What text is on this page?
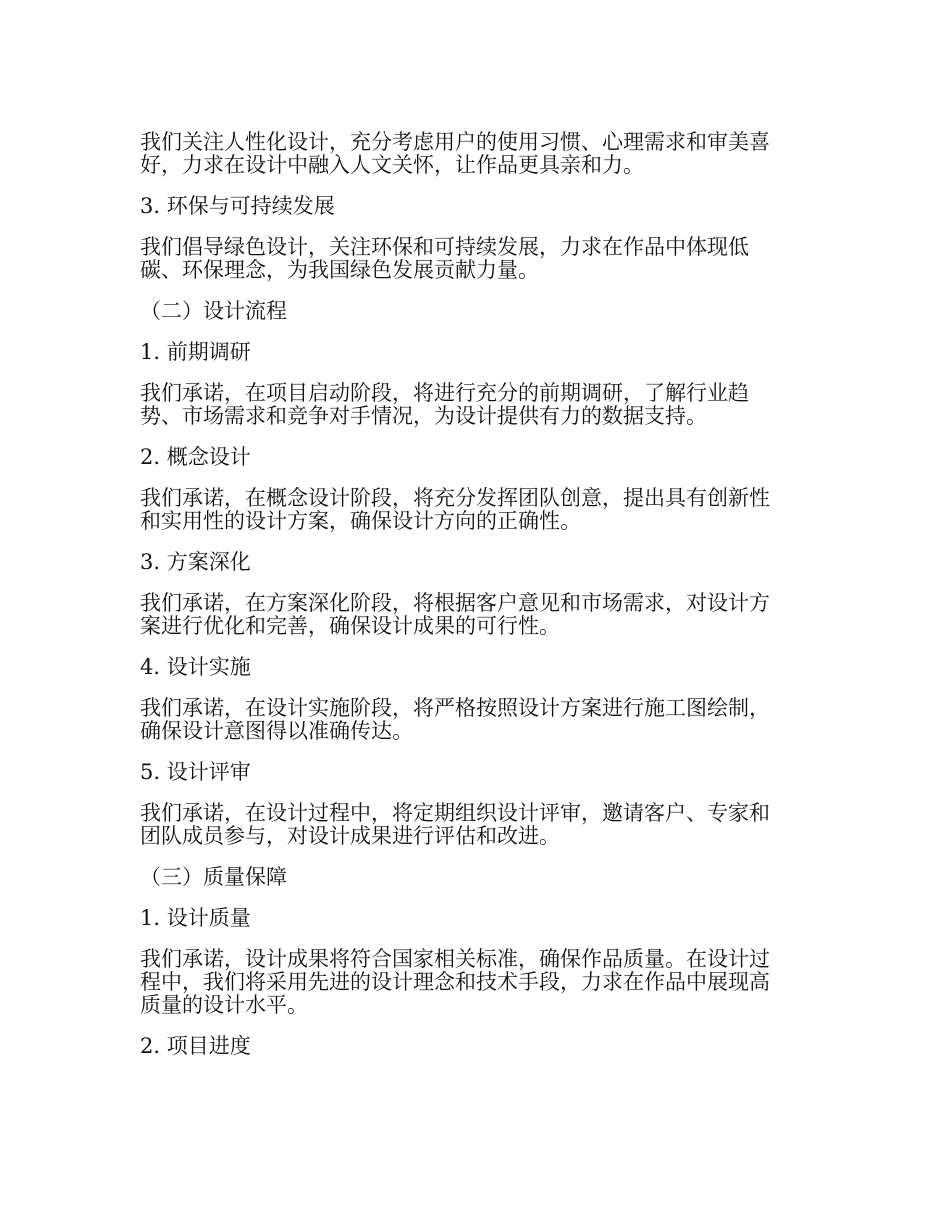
我们关注人性化设计，充分考虑用户的使用习惯、心理需求和审美喜
好，力求在设计中融入人文关怀，让作品更具亲和力。
3. 环保与可持续发展
我们倡导绿色设计，关注环保和可持续发展，力求在作品中体现低
碳、环保理念，为我国绿色发展贡献力量。
（二）设计流程
1. 前期调研
我们承诺，在项目启动阶段，将进行充分的前期调研，了解行业趋
势、市场需求和竞争对手情况，为设计提供有力的数据支持。
2. 概念设计
我们承诺，在概念设计阶段，将充分发挥团队创意，提出具有创新性
和实用性的设计方案，确保设计方向的正确性。
3. 方案深化
我们承诺，在方案深化阶段，将根据客户意见和市场需求，对设计方
案进行优化和完善，确保设计成果的可行性。
4. 设计实施
我们承诺，在设计实施阶段，将严格按照设计方案进行施工图绘制，
确保设计意图得以准确传达。
5. 设计评审
我们承诺，在设计过程中，将定期组织设计评审，邀请客户、专家和
团队成员参与，对设计成果进行评估和改进。
（三）质量保障
1. 设计质量
我们承诺，设计成果将符合国家相关标准，确保作品质量。在设计过
程中，我们将采用先进的设计理念和技术手段，力求在作品中展现高
质量的设计水平。
2. 项目进度
